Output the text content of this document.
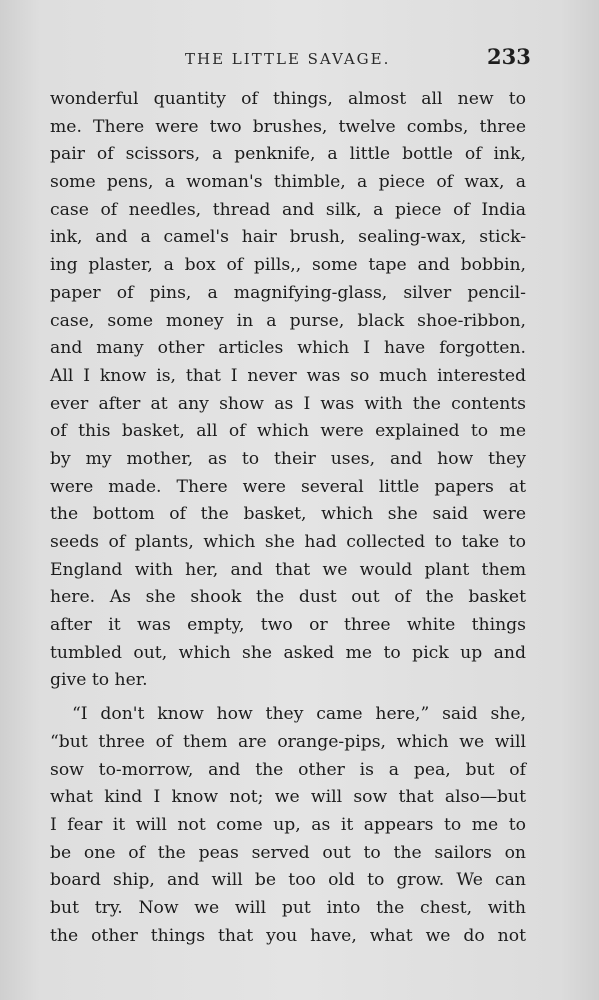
THE LITTLE SAVAGE.	233
wonderful quantity of things, almost all new to
me. There were two brushes, twelve combs, three
pair of scissors, a penknife, a little bottle of ink,
some pens, a woman's thimble, a piece of wax, a
case of needles, thread and silk, a piece of India
ink, and a camel's hair brush, sealing-wax, stick-
ing plaster, a box of pills,, some tape and bobbin,
paper of pins, a magnifying-glass, silver pencil-
case, some money in a purse, black shoe-ribbon,
and many other articles which I have forgotten.
All I know is, that I never was so much interested
ever after at any show as I was with the contents
of this basket, all of which were explained to me
by my mother, as to their uses, and how they
were made. There were several little papers at
the bottom of the basket, which she said were
seeds of plants, which she had collected to take to
England with her, and that we would plant them
here. As she shook the dust out of the basket
after it was empty, two or three white things
tumbled out, which she asked me to pick up and
give to her.
“I don't know how they came here,” said she,
“but three of them are orange-pips, which we will
sow to-morrow, and the other is a pea, but of
what kind I know not; we will sow that also—but
I fear it will not come up, as it appears to me to
be one of the peas served out to the sailors on
board ship, and will be too old to grow. We can
but try. Now we will put into the chest, with
the other things that you have, what we do not
